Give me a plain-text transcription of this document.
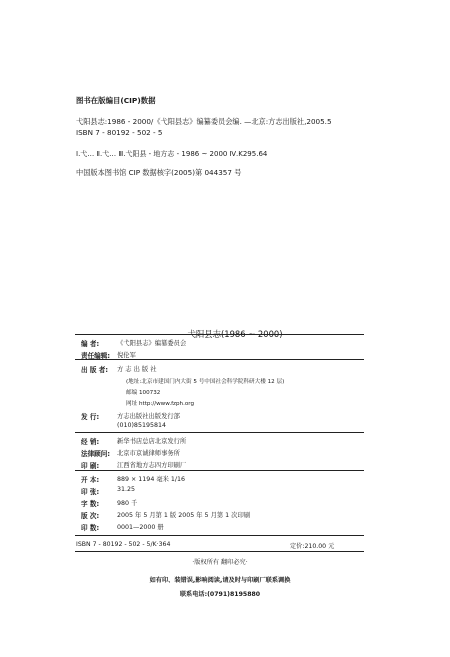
图书在版编目(CIP)数据
弋阳县志:1986 - 2000/《弋阳县志》编纂委员会编. —北京:方志出版社,2005.5
ISBN 7 - 80192 - 502 - 5
Ⅰ.弋… Ⅱ.弋… Ⅲ.弋阳县 - 地方志 - 1986 ~ 2000 Ⅳ.K295.64
中国版本图书馆 CIP 数据核字(2005)第 044357 号
弋阳县志(1986 ~ 2000)
编 者:	《弋阳县志》编纂委员会
责任编辑: 倪伦军
出 版 者: 方 志 出 版 社
(地址:北京市建国门内大街 5 号中国社会科学院科研大楼 12 层)
邮编 100732
网址 http://www.fzph.org
发 行:	方志出版社出版发行部
(010)85195814
经 销:	新华书店总店北京发行所
法律顾问: 北京市京诚律师事务所
印 刷:	江西省地方志四方印刷厂
开 本:	889 × 1194 毫米 1/16
印 张:	31.25
字 数:	980 千
版 次:	2005 年 5 月第 1 版 2005 年 5 月第 1 次印刷
印 数:	0001—2000 册
ISBN 7 - 80192 - 502 - 5/K·364	定价:210.00 元
·版权所有 翻印必究·
如有印、装错误,影响阅读,请及时与印刷厂联系调换
联系电话:(0791)8195880
